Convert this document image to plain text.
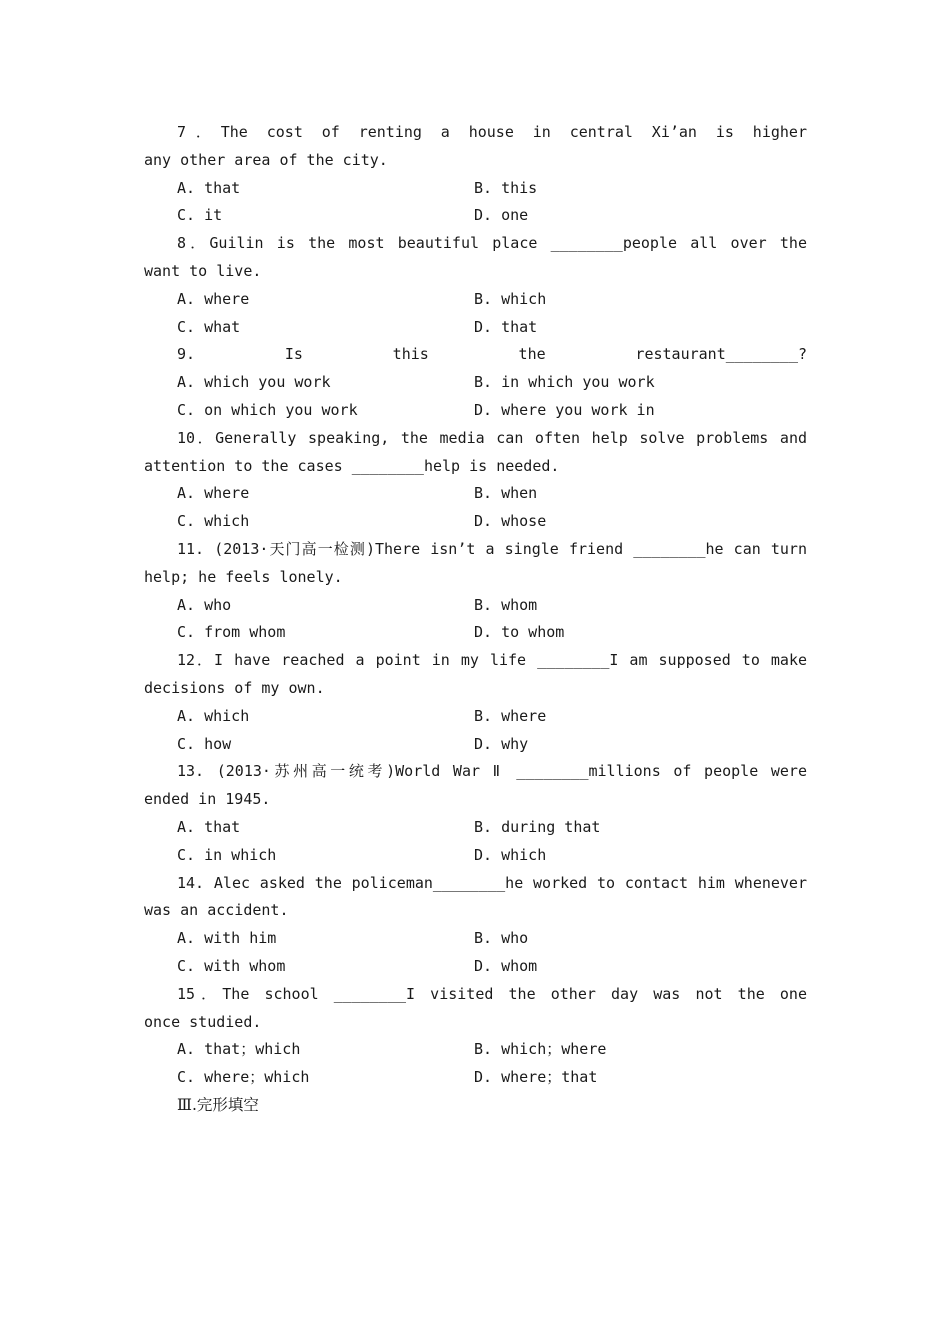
7．The cost of renting a house in central Xi’an is higher
any other area of the city.
A. that	B. this
C. it	D. one
8．Guilin is the most beautiful place ________people all over the
want to live.
A. where	B. which
C. what	D. that
9. Is this the restaurant________?
A. which you work	B. in which you work
C. on which you work	D. where you work in
10．Generally speaking, the media can often help solve problems and
attention to the cases ________help is needed.
A. where	B. when
C. which	D. whose
11. (2013·天门高一检测)There isn’t a single friend ________he can turn
help; he feels lonely.
A. who	B. whom
C. from whom	D. to whom
12．I have reached a point in my life ________I am supposed to make
decisions of my own.
A. which	B. where
C. how	D. why
13. (2013·苏州高一统考)World War Ⅱ ________millions of people were
ended in 1945.
A. that	B. during that
C. in which	D. which
14. Alec asked the policeman________he worked to contact him whenever
was an accident.
A. with him	B. who
C. with whom	D. whom
15．The school ________I visited the other day was not the one
once studied.
A. that；which	B. which；where
C. where；which	D. where；that
Ⅲ.完形填空
